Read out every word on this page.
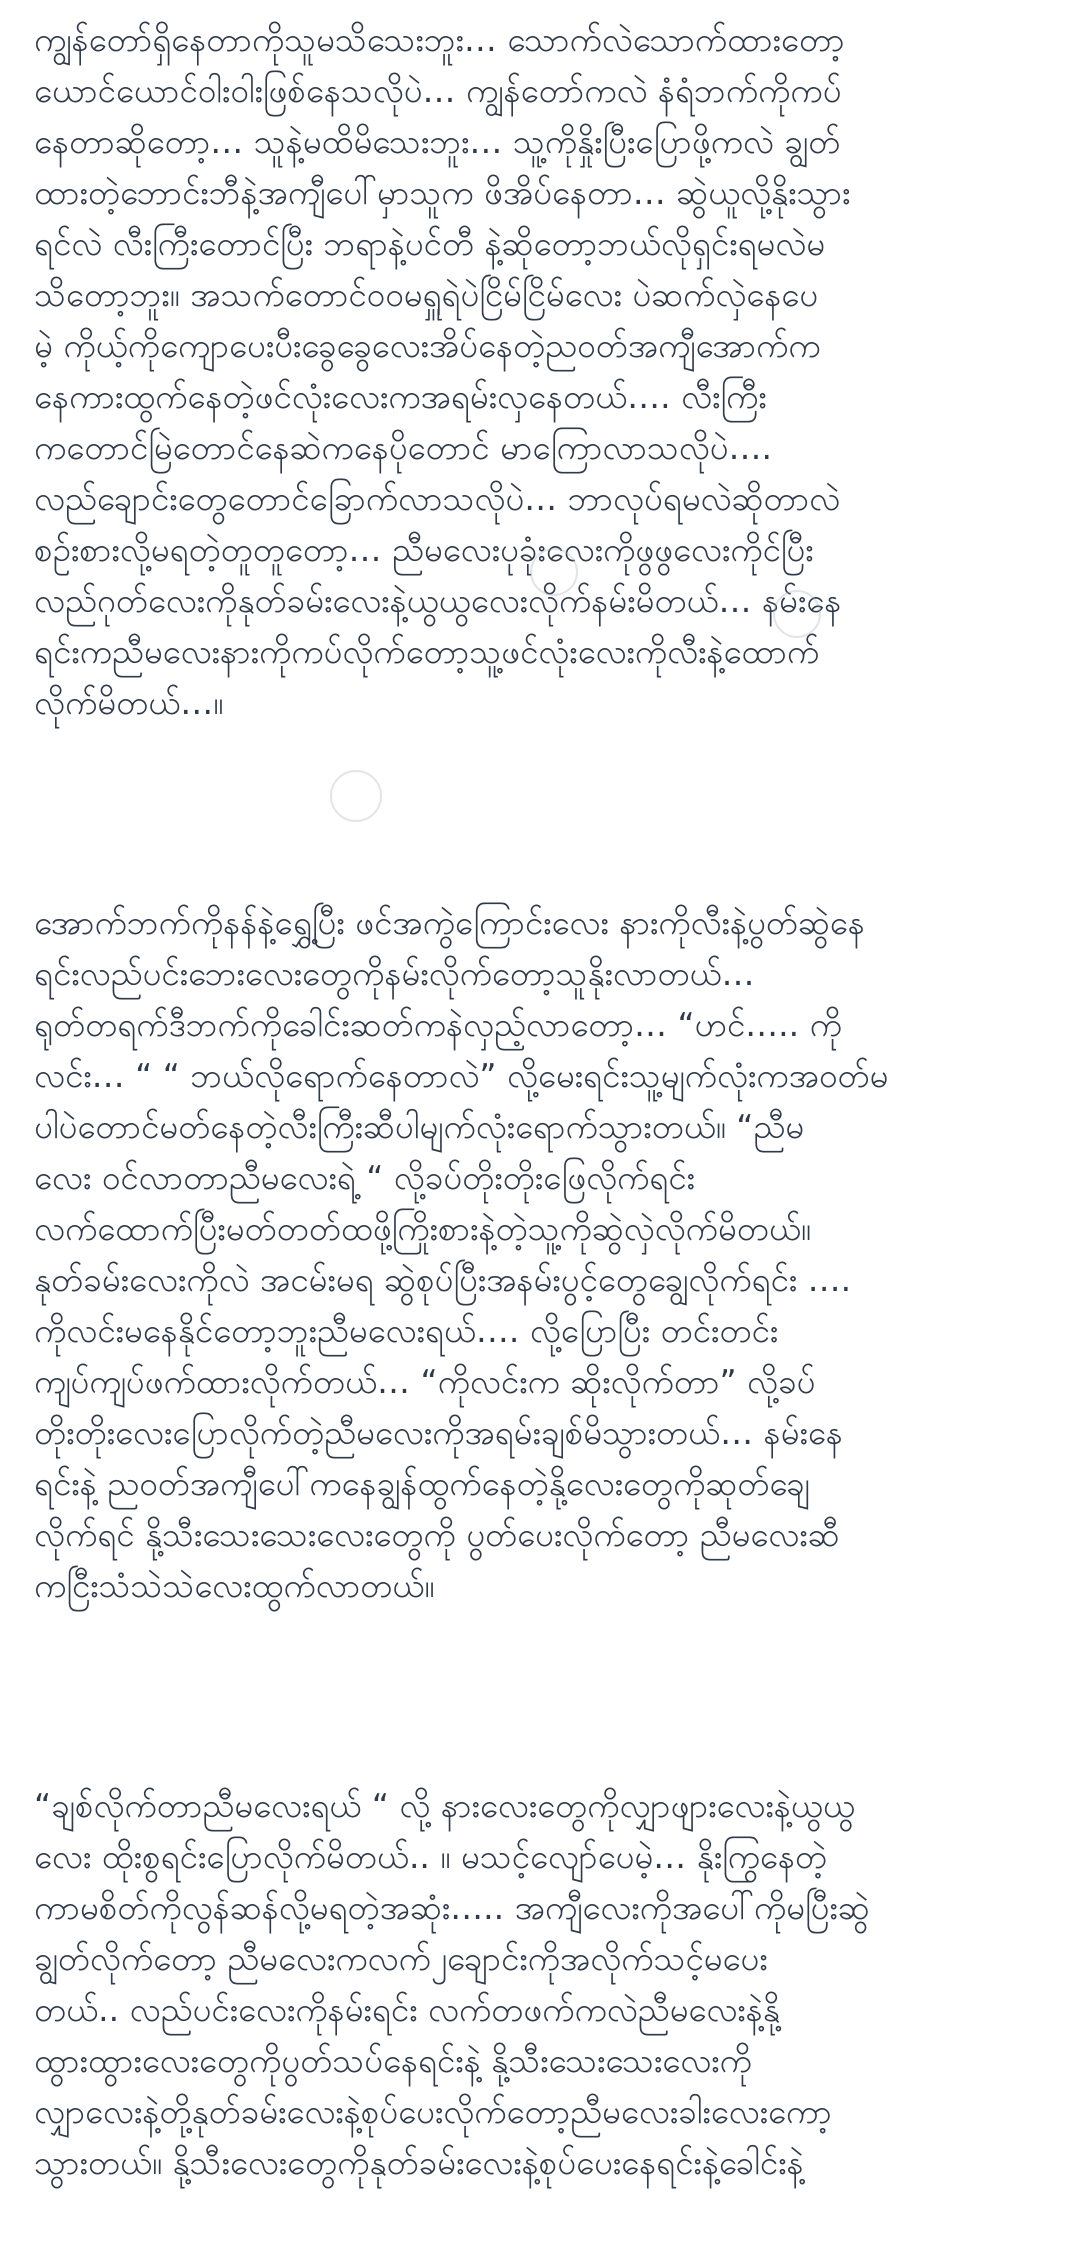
ကျွန်တော်ရှိနေတာကိုသူမသိသေးဘူး… သောက်လဲသောက်ထားတော့
ယောင်ယောင်ဝါးဝါးဖြစ်နေသလိုပဲ… ကျွန်တော်ကလဲ နံရံဘက်ကိုကပ်
နေတာဆိုတော့… သူနဲ့မထိမိသေးဘူး… သူ့ကိုနှိုးပြီးပြောဖို့ကလဲ ချွတ်
ထားတဲ့ဘောင်းဘီနဲ့အကျီပေါ်မှာသူက ဖိအိပ်နေတာ… ဆွဲယူလို့နိုးသွား
ရင်လဲ လီးကြီးတောင်ပြီး ဘရာနဲ့ပင်တီ နဲ့ဆိုတော့ဘယ်လိုရှင်းရမလဲမ
သိတော့ဘူး။ အသက်တောင်ဝဝမရှူရဲပဲငြိမ်ငြိမ်လေး ပဲဆက်လှဲနေပေ
မဲ့ ကိုယ့်ကိုကျောပေးပီးခွေခွေလေးအိပ်နေတဲ့ညဝတ်အကျီအောက်က
နေကားထွက်နေတဲ့ဖင်လုံးလေးကအရမ်းလှနေတယ်…. လီးကြီး
ကတောင်မြဲတောင်နေဆဲကနေပိုတောင် မာကြောလာသလိုပဲ….
လည်ချောင်းတွေတောင်ခြောက်လာသလိုပဲ… ဘာလုပ်ရမလဲဆိုတာလဲ
စဉ်းစားလို့မရတဲ့တူတူတော့… ညီမလေးပုခုံးလေးကိုဖွဖွလေးကိုင်ပြီး
လည်ဂုတ်လေးကိုနုတ်ခမ်းလေးနဲ့ယွယွလေးလိုက်နမ်းမိတယ်… နမ်းနေ
ရင်းကညီမလေးနားကိုကပ်လိုက်တော့သူ့ဖင်လုံးလေးကိုလီးနဲ့ထောက်
လိုက်မိတယ်…။
အောက်ဘက်ကိုနန်နဲ့ရွှေ့ပြီး ဖင်အကွဲကြောင်းလေး နားကိုလီးနဲ့ပွတ်ဆွဲနေ
ရင်းလည်ပင်းဘေးလေးတွေကိုနမ်းလိုက်တော့သူနိုးလာတယ်…
ရုတ်တရက်ဒီဘက်ကိုခေါင်းဆတ်ကနဲလှည့်လာတော့… “ဟင်….. ကို
လင်း… “ “ ဘယ်လိုရောက်နေတာလဲ” လို့မေးရင်းသူ့မျက်လုံးကအဝတ်မ
ပါပဲတောင်မတ်နေတဲ့လီးကြီးဆီပါမျက်လုံးရောက်သွားတယ်။ “ညီမ
လေး ဝင်လာတာညီမလေးရဲ့ “ လို့ခပ်တိုးတိုးဖြေလိုက်ရင်း
လက်ထောက်ပြီးမတ်တတ်ထဖို့ကြိုးစားနဲ့တဲ့သူ့ကိုဆွဲလှဲလိုက်မိတယ်။
နုတ်ခမ်းလေးကိုလဲ အငမ်းမရ ဆွဲစုပ်ပြီးအနမ်းပွင့်တွေချွေလိုက်ရင်း ….
ကိုလင်းမနေနိုင်တော့ဘူးညီမလေးရယ်…. လို့ပြောပြီး တင်းတင်း
ကျပ်ကျပ်ဖက်ထားလိုက်တယ်… “ကိုလင်းက ဆိုးလိုက်တာ” လို့ခပ်
တိုးတိုးလေးပြောလိုက်တဲ့ညီမလေးကိုအရမ်းချစ်မိသွားတယ်… နမ်းနေ
ရင်းနဲ့ ညဝတ်အကျီပေါ်ကနေချွန်ထွက်နေတဲ့နို့လေးတွေကိုဆုတ်ချေ
လိုက်ရင် နို့သီးသေးသေးလေးတွေကို ပွတ်ပေးလိုက်တော့ ညီမလေးဆီ
ကငြီးသံသဲသဲလေးထွက်လာတယ်။
“ချစ်လိုက်တာညီမလေးရယ် “ လို့ နားလေးတွေကိုလျှာဖျားလေးနဲ့ယွယွ
လေး ထိုးစွရင်းပြောလိုက်မိတယ်.. ။ မသင့်လျော်ပေမဲ့… နိုးကြွနေတဲ့
ကာမစိတ်ကိုလွန်ဆန်လို့မရတဲ့အဆုံး….. အကျီလေးကိုအပေါ်ကိုမပြီးဆွဲ
ချွတ်လိုက်တော့ ညီမလေးကလက်၂ချောင်းကိုအလိုက်သင့်မပေး
တယ်.. လည်ပင်းလေးကိုနမ်းရင်း လက်တဖက်ကလဲညီမလေးနဲ့နို့
ထွားထွားလေးတွေကိုပွတ်သပ်နေရင်းနဲ့ နို့သီးသေးသေးလေးကို
လျှာလေးနဲ့တို့နုတ်ခမ်းလေးနဲ့စုပ်ပေးလိုက်တော့ညီမလေးခါးလေးကော့
သွားတယ်။ နို့သီးလေးတွေကိုနုတ်ခမ်းလေးနဲ့စုပ်ပေးနေရင်းနဲ့ခေါင်းနဲ့
